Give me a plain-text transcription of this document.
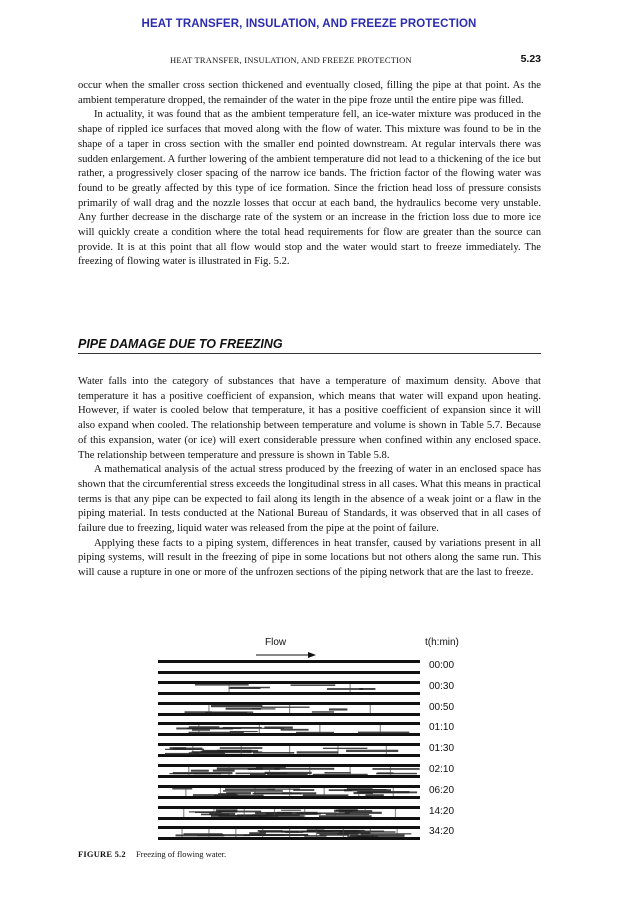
HEAT TRANSFER, INSULATION, AND FREEZE PROTECTION
HEAT TRANSFER, INSULATION, AND FREEZE PROTECTION	5.23

occur when the smaller cross section thickened and eventually closed, filling the pipe at that point. As the ambient temperature dropped, the remainder of the water in the pipe froze until the entire pipe was filled.

In actuality, it was found that as the ambient temperature fell, an ice-water mixture was produced in the shape of rippled ice surfaces that moved along with the flow of water. This mixture was found to be in the shape of a taper in cross section with the smaller end pointed downstream. At regular intervals there was sudden enlargement. A further lowering of the ambient temperature did not lead to a thickening of the ice but rather, a progressively closer spacing of the narrow ice bands. The friction factor of the flowing water was found to be greatly affected by this type of ice formation. Since the friction head loss of pressure consists primarily of wall drag and the nozzle losses that occur at each band, the hydraulics become very unstable. Any further decrease in the discharge rate of the system or an increase in the friction loss due to more ice will quickly create a condition where the total head requirements for flow are greater than the source can provide. It is at this point that all flow would stop and the water would start to freeze immediately. The freezing of flowing water is illustrated in Fig. 5.2.

PIPE DAMAGE DUE TO FREEZING

Water falls into the category of substances that have a temperature of maximum density. Above that temperature it has a positive coefficient of expansion, which means that water will expand upon heating. However, if water is cooled below that temperature, it has a positive coefficient of expansion since it will also expand when cooled. The relationship between temperature and volume is shown in Table 5.7. Because of this expansion, water (or ice) will exert considerable pressure when confined within any enclosed space. The relationship between temperature and pressure is shown in Table 5.8.

A mathematical analysis of the actual stress produced by the freezing of water in an enclosed space has shown that the circumferential stress exceeds the longitudinal stress in all cases. What this means in practical terms is that any pipe can be expected to fail along its length in the absence of a weak joint or a flaw in the piping material. In tests conducted at the National Bureau of Standards, it was observed that in all cases of failure due to freezing, liquid water was released from the pipe at the point of failure.

Applying these facts to a piping system, differences in heat transfer, caused by variations present in all piping systems, will result in the freezing of pipe in some locations but not others along the same run. This will cause a rupture in one or more of the unfrozen sections of the piping network that are the last to freeze.

Flow	t(h:min)
00:00
00:30
00:50
01:10
01:30
02:10
06:20
14:20
34:20
FIGURE 5.2 Freezing of flowing water.
